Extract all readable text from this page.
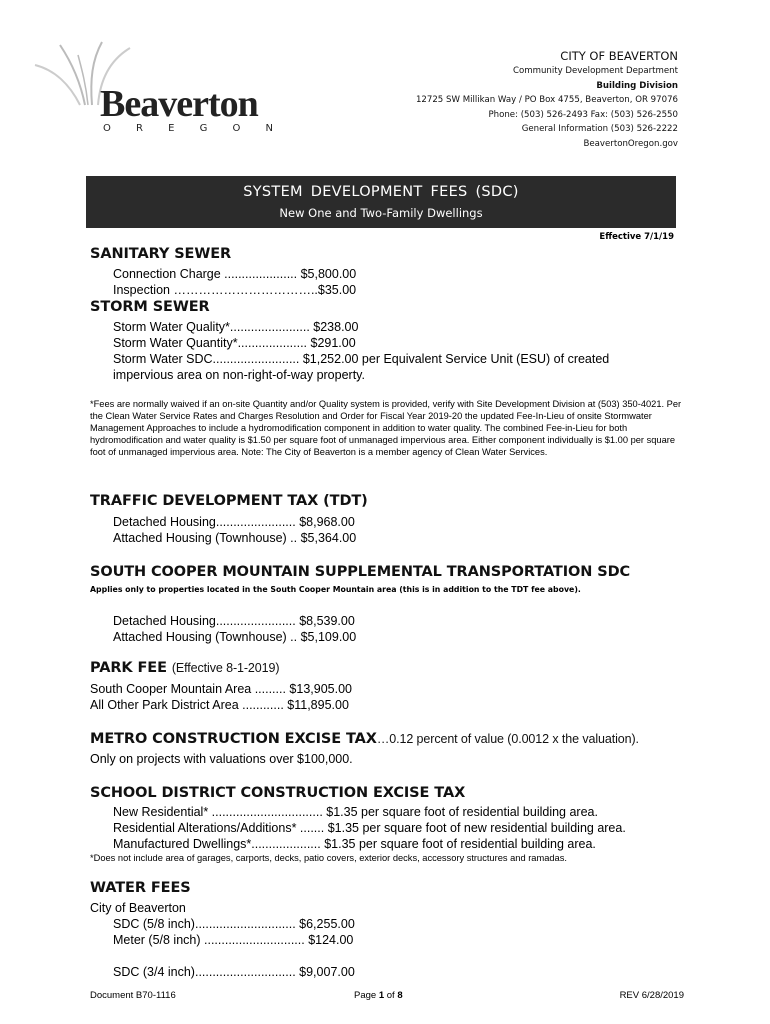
Beaverton
O	R	E	G	O	N
CITY OF BEAVERTON
Community Development Department
Building Division
12725 SW Millikan Way / PO Box 4755, Beaverton, OR 97076
Phone: (503) 526-2493 Fax: (503) 526-2550
General Information (503) 526-2222
BeavertonOregon.gov
SYSTEM DEVELOPMENT FEES (SDC)
New One and Two-Family Dwellings
Effective 7/1/19
SANITARY SEWER
Connection Charge ..................... $5,800.00
Inspection ……………………………..$35.00
STORM SEWER
Storm Water Quality*....................... $238.00
Storm Water Quantity*.................... $291.00
Storm Water SDC......................... $1,252.00 per Equivalent Service Unit (ESU) of created
impervious area on non-right-of-way property.
*Fees are normally waived if an on-site Quantity and/or Quality system is provided, verify with Site Development Division at (503) 350-4021. Per the Clean Water Service Rates and Charges Resolution and Order for Fiscal Year 2019-20 the updated Fee-In-Lieu of onsite Stormwater Management Approaches to include a hydromodification component in addition to water quality. The combined Fee-in-Lieu for both hydromodification and water quality is $1.50 per square foot of unmanaged impervious area. Either component individually is $1.00 per square foot of unmanaged impervious area. Note: The City of Beaverton is a member agency of Clean Water Services.
TRAFFIC DEVELOPMENT TAX (TDT)
Detached Housing....................... $8,968.00
Attached Housing (Townhouse) .. $5,364.00
SOUTH COOPER MOUNTAIN SUPPLEMENTAL TRANSPORTATION SDC
Applies only to properties located in the South Cooper Mountain area (this is in addition to the TDT fee above).
Detached Housing....................... $8,539.00
Attached Housing (Townhouse) .. $5,109.00
PARK FEE (Effective 8-1-2019)
South Cooper Mountain Area ......... $13,905.00
All Other Park District Area ............ $11,895.00
METRO CONSTRUCTION EXCISE TAX…0.12 percent of value (0.0012 x the valuation).
Only on projects with valuations over $100,000.
SCHOOL DISTRICT CONSTRUCTION EXCISE TAX
New Residential* ................................ $1.35 per square foot of residential building area.
Residential Alterations/Additions* ....... $1.35 per square foot of new residential building area.
Manufactured Dwellings*.................... $1.35 per square foot of residential building area.
*Does not include area of garages, carports, decks, patio covers, exterior decks, accessory structures and ramadas.
WATER FEES
City of Beaverton
SDC (5/8 inch)............................. $6,255.00
Meter (5/8 inch) ............................. $124.00
SDC (3/4 inch)............................. $9,007.00
Document B70-1116	Page 1 of 8	REV 6/28/2019
